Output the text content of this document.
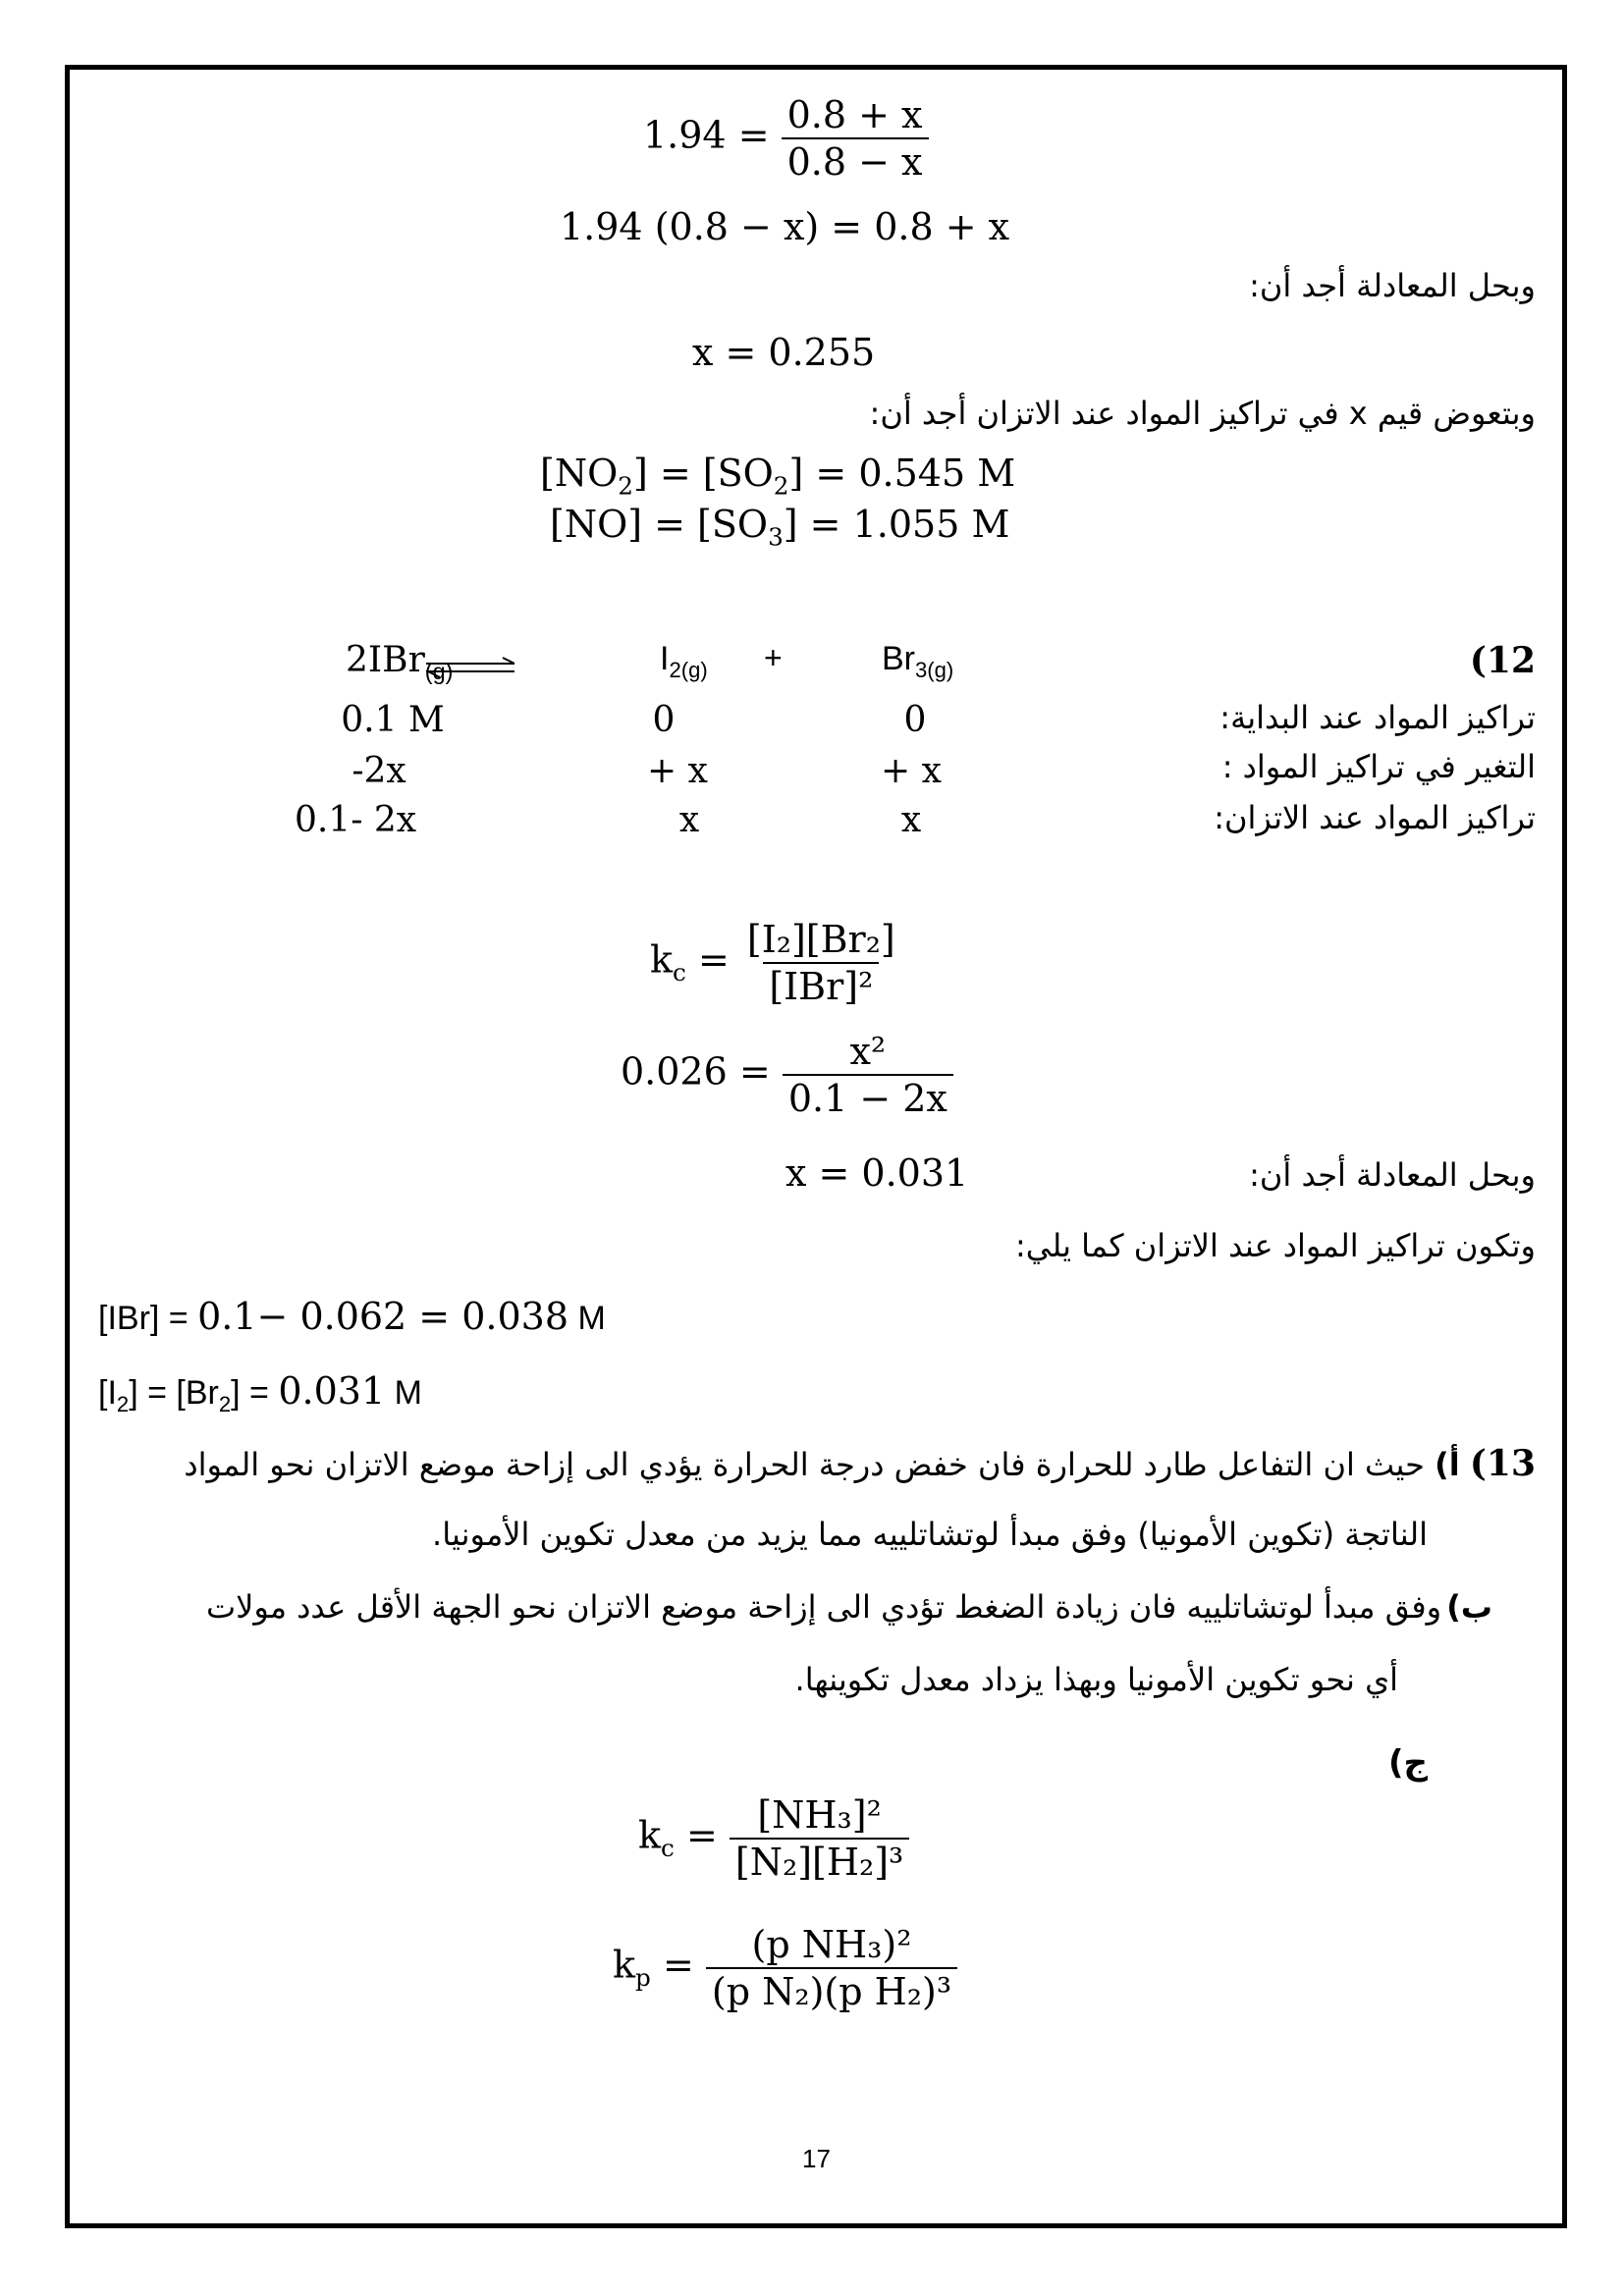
$1.94 = \frac{0.8 + x}{0.8 - x}$
1.94 (0.8 − x) = 0.8 + x
وبحل المعادلة أجد أن:
x = 0.255
وبتعوض قيم x في تراكيز المواد عند الاتزان أجد أن:
$[NO_2] = [SO_2] = 0.545$ M
$[NO] = [SO_3] = 1.055$ M
(12
2IBr$_{(g)}$	$I_{2(g)}$ +	$Br_{3(g)}$
تراكيز المواد عند البداية:
0.1 M	0	0
التغير في تراكيز المواد :
-2x	+ x	+ x
تراكيز المواد عند الاتزان:
0.1- 2x	x	x
$k_c = \frac{\text{[I₂][Br₂]}}{\text{[IBr]²}}$
$0.026 = \frac{\text{x²}}{0.1 - 2x}$
وبحل المعادلة أجد أن:
x = 0.031
وتكون تراكيز المواد عند الاتزان كما يلي:
[IBr] = 0.1− 0.062 = 0.038 M
$[I_2] = [Br_2] = 0.031$ M
13) أ) حيث ان التفاعل طارد للحرارة فان خفض درجة الحرارة يؤدي الى إزاحة موضع الاتزان نحو المواد
الناتجة (تكوين الأمونيا) وفق مبدأ لوتشاتلييه مما يزيد من معدل تكوين الأمونيا.
ب) وفق مبدأ لوتشاتلييه فان زيادة الضغط تؤدي الى إزاحة موضع الاتزان نحو الجهة الأقل عدد مولات
أي نحو تكوين الأمونيا وبهذا يزداد معدل تكوينها.
ج)
$k_c = \frac{\text{[NH₃]²}}{\text{[N₂][H₂]³}}$
$k_p = \frac{\text{(p NH₃)²}}{\text{(p N₂)(p H₂)³}}$
17
